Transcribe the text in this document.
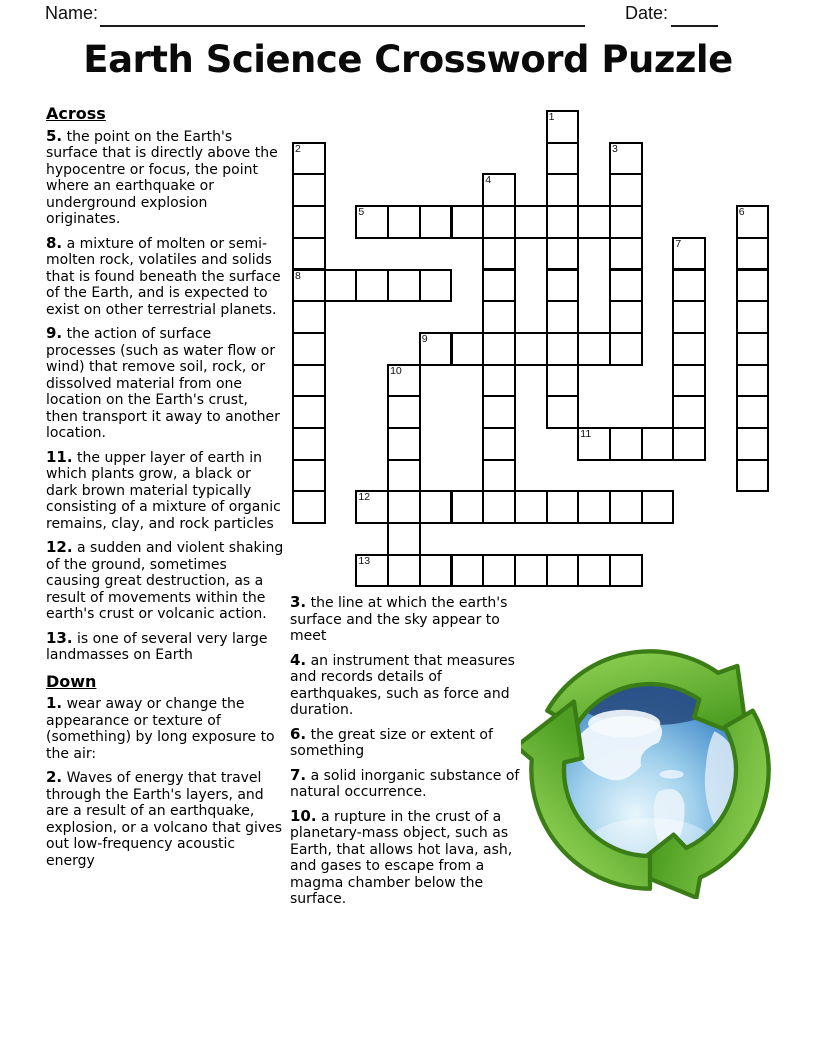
Name:	Date:
Earth Science Crossword Puzzle

Across

5. the point on the Earth's surface that is directly above the hypocentre or focus, the point where an earthquake or underground explosion originates.

8. a mixture of molten or semi-molten rock, volatiles and solids that is found beneath the surface of the Earth, and is expected to exist on other terrestrial planets.

9. the action of surface processes (such as water flow or wind) that remove soil, rock, or dissolved material from one location on the Earth's crust, then transport it away to another location.

11. the upper layer of earth in which plants grow, a black or dark brown material typically consisting of a mixture of organic remains, clay, and rock particles

12. a sudden and violent shaking of the ground, sometimes causing great destruction, as a result of movements within the earth's crust or volcanic action.

13. is one of several very large landmasses on Earth

Down

1. wear away or change the appearance or texture of (something) by long exposure to the air:

2. Waves of energy that travel through the Earth's layers, and are a result of an earthquake, explosion, or a volcano that gives out low-frequency acoustic energy

3. the line at which the earth's surface and the sky appear to meet

4. an instrument that measures and records details of earthquakes, such as force and duration.

6. the great size or extent of something

7. a solid inorganic substance of natural occurrence.

10. a rupture in the crust of a planetary-mass object, such as Earth, that allows hot lava, ash, and gases to escape from a magma chamber below the surface.

1
2	3
4
5	6
7
8
9
10
11
12
13
